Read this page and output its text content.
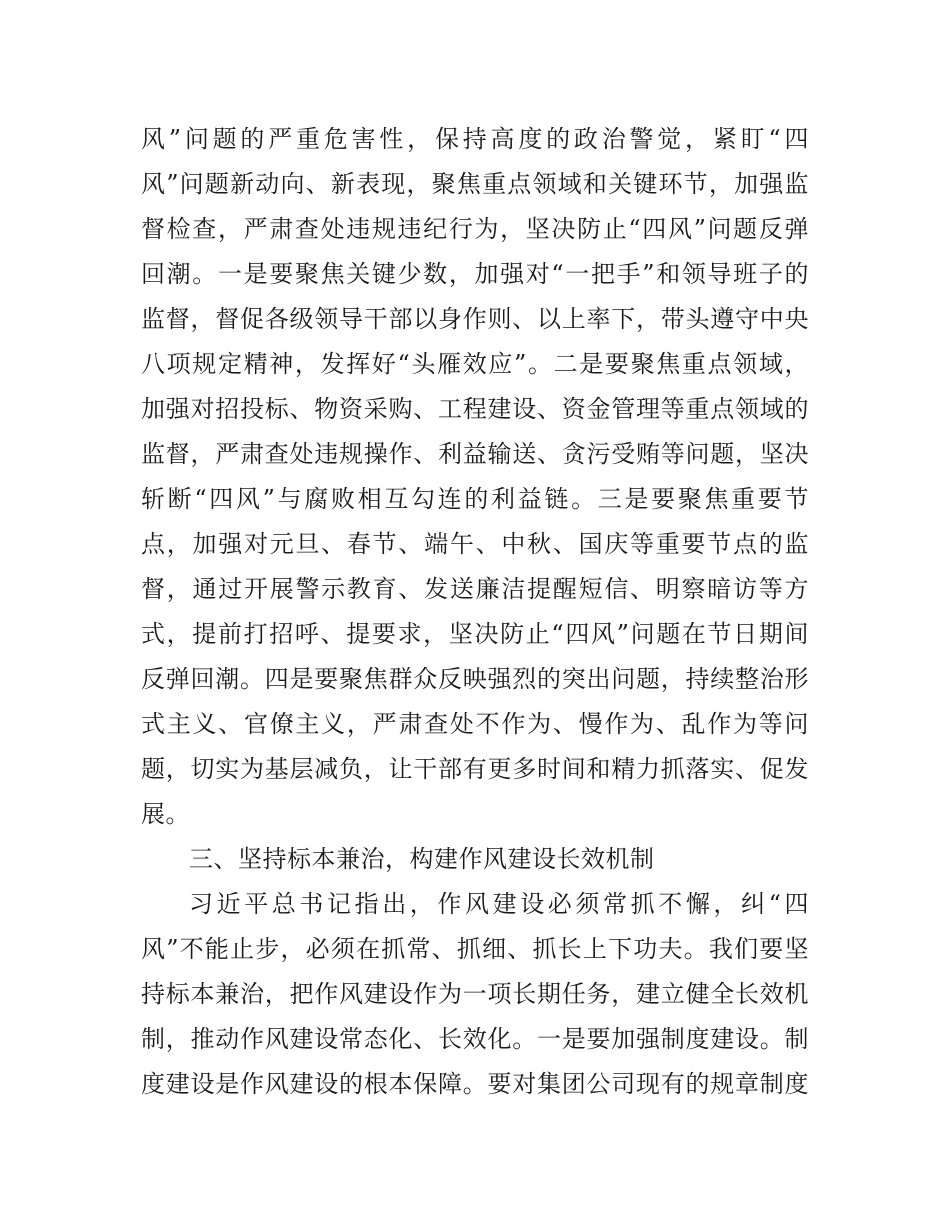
风”问题的严重危害性，保持高度的政治警觉，紧盯“四
风”问题新动向、新表现，聚焦重点领域和关键环节，加强监
督检查，严肃查处违规违纪行为，坚决防止“四风”问题反弹
回潮。一是要聚焦关键少数，加强对“一把手”和领导班子的
监督，督促各级领导干部以身作则、以上率下，带头遵守中央
八项规定精神，发挥好“头雁效应”。二是要聚焦重点领域，
加强对招投标、物资采购、工程建设、资金管理等重点领域的
监督，严肃查处违规操作、利益输送、贪污受贿等问题，坚决
斩断“四风”与腐败相互勾连的利益链。三是要聚焦重要节
点，加强对元旦、春节、端午、中秋、国庆等重要节点的监
督，通过开展警示教育、发送廉洁提醒短信、明察暗访等方
式，提前打招呼、提要求，坚决防止“四风”问题在节日期间
反弹回潮。四是要聚焦群众反映强烈的突出问题，持续整治形
式主义、官僚主义，严肃查处不作为、慢作为、乱作为等问
题，切实为基层减负，让干部有更多时间和精力抓落实、促发
展。
三、坚持标本兼治，构建作风建设长效机制
习近平总书记指出，作风建设必须常抓不懈，纠“四
风”不能止步，必须在抓常、抓细、抓长上下功夫。我们要坚
持标本兼治，把作风建设作为一项长期任务，建立健全长效机
制，推动作风建设常态化、长效化。一是要加强制度建设。制
度建设是作风建设的根本保障。要对集团公司现有的规章制度
